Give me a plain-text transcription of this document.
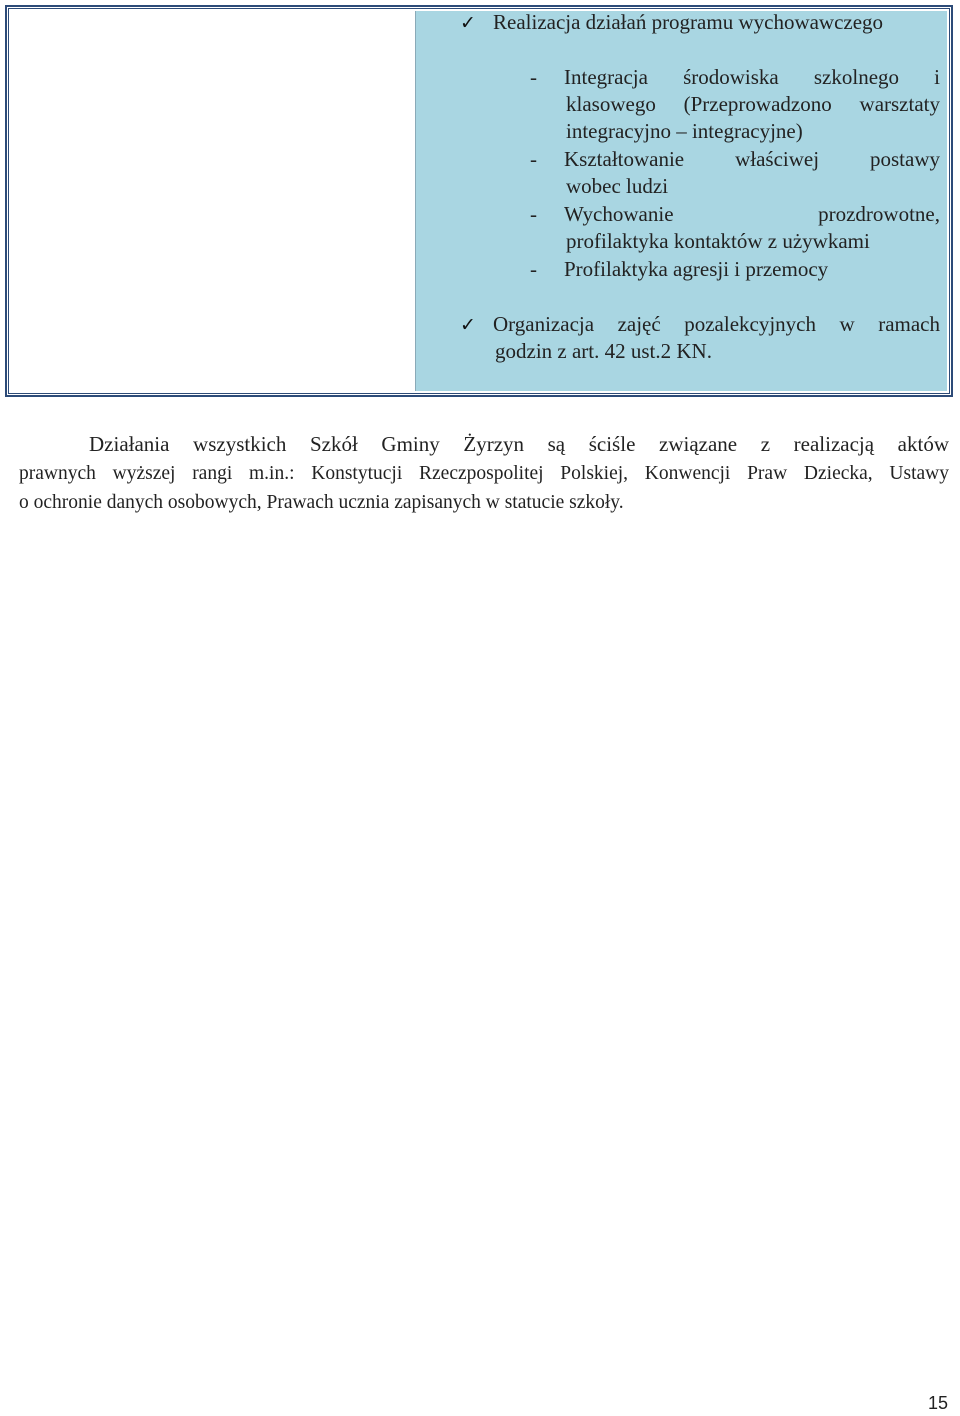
✓ Realizacja działań programu wychowawczego
- Integracja środowiska szkolnego i
klasowego (Przeprowadzono warsztaty
integracyjno – integracyjne)
- Kształtowanie właściwej postawy
wobec ludzi
- Wychowanie prozdrowotne,
profilaktyka kontaktów z używkami
- Profilaktyka agresji i przemocy
✓ Organizacja zajęć pozalekcyjnych w ramach
godzin z art. 42 ust.2 KN.
Działania wszystkich Szkół Gminy Żyrzyn są ściśle związane z realizacją aktów
prawnych wyższej rangi m.in.: Konstytucji Rzeczpospolitej Polskiej, Konwencji Praw Dziecka, Ustawy
o ochronie danych osobowych, Prawach ucznia zapisanych w statucie szkoły.
15
